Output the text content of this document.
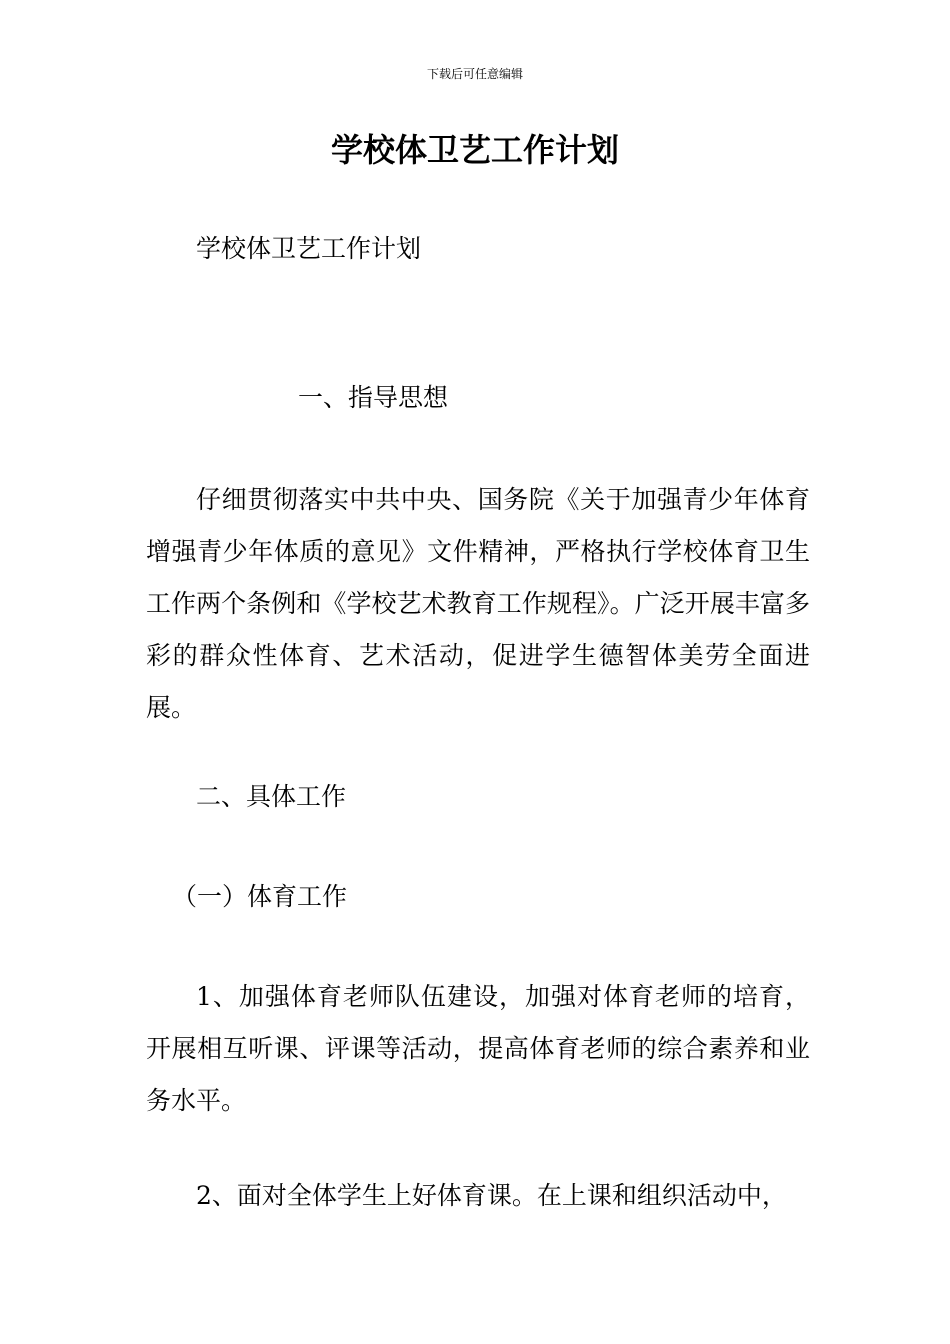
下载后可任意编辑
学校体卫艺工作计划

学校体卫艺工作计划

一、指导思想

仔细贯彻落实中共中央、国务院《关于加强青少年体育增强青少年体质的意见》文件精神，严格执行学校体育卫生工作两个条例和《学校艺术教育工作规程》。广泛开展丰富多彩的群众性体育、艺术活动，促进学生德智体美劳全面进展。

二、具体工作

（一）体育工作

1、加强体育老师队伍建设，加强对体育老师的培育，开展相互听课、评课等活动，提高体育老师的综合素养和业务水平。

2、面对全体学生上好体育课。在上课和组织活动中，
